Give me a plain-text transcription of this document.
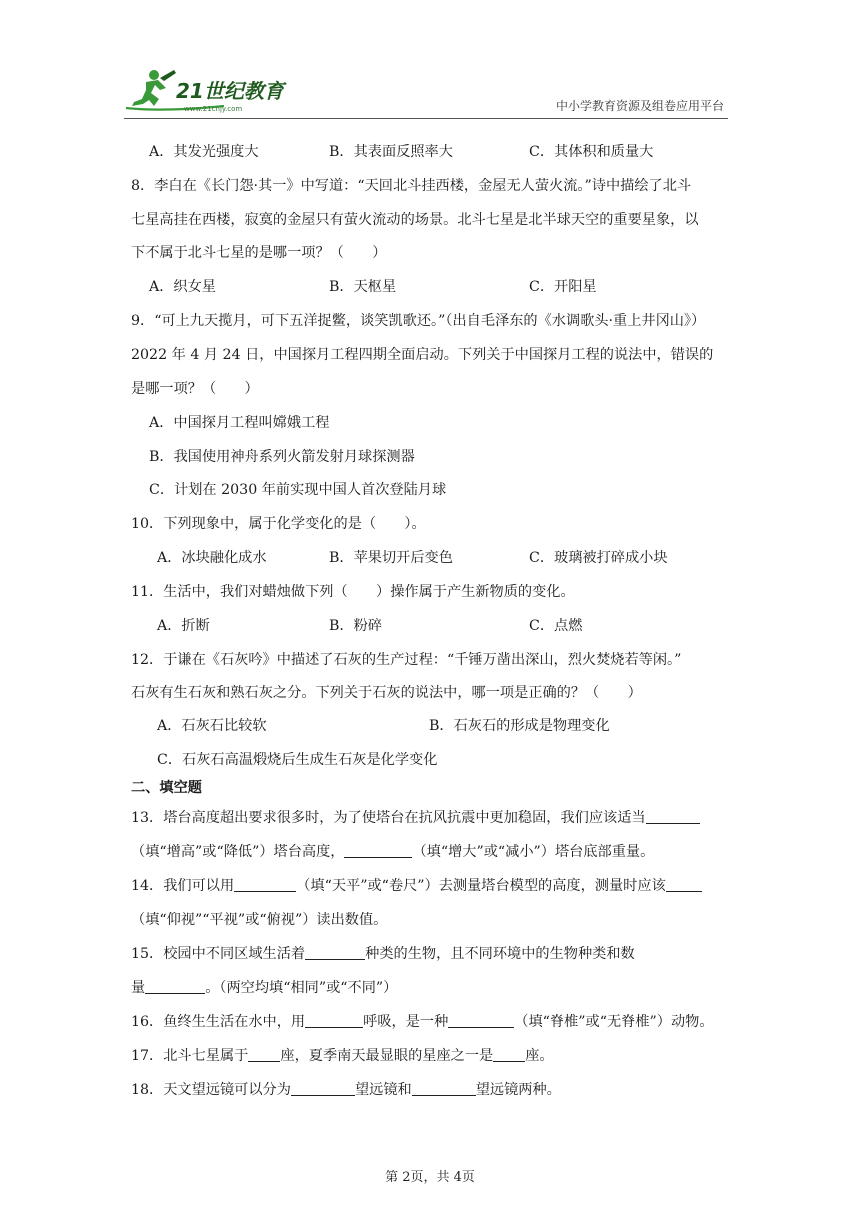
21世纪教育
www.21cnjy.com	中小学教育资源及组卷应用平台
A．其发光强度大	B．其表面反照率大	C．其体积和质量大
8．李白在《长门怨·其一》中写道：“天回北斗挂西楼，金屋无人萤火流。”诗中描绘了北斗
七星高挂在西楼，寂寞的金屋只有萤火流动的场景。北斗七星是北半球天空的重要星象，以
下不属于北斗七星的是哪一项？（　　）
A．织女星	B．天枢星	C．开阳星
9．“可上九天揽月，可下五洋捉鳖，谈笑凯歌还。”（出自毛泽东的《水调歌头·重上井冈山》）
2022 年 4 月 24 日，中国探月工程四期全面启动。下列关于中国探月工程的说法中，错误的
是哪一项？（　　）
A．中国探月工程叫嫦娥工程
B．我国使用神舟系列火箭发射月球探测器
C．计划在 2030 年前实现中国人首次登陆月球
10．下列现象中，属于化学变化的是（　　）。
A．冰块融化成水	B．苹果切开后变色	C．玻璃被打碎成小块
11．生活中，我们对蜡烛做下列（　　）操作属于产生新物质的变化。
A．折断	B．粉碎	C．点燃
12．于谦在《石灰吟》中描述了石灰的生产过程：“千锤万凿出深山，烈火焚烧若等闲。”
石灰有生石灰和熟石灰之分。下列关于石灰的说法中，哪一项是正确的？（　　）
A．石灰石比较软	B．石灰石的形成是物理变化
C．石灰石高温煅烧后生成生石灰是化学变化
二、填空题
13．塔台高度超出要求很多时，为了使塔台在抗风抗震中更加稳固，我们应该适当
（填“增高”或“降低”）塔台高度，	（填“增大”或“减小”）塔台底部重量。
14．我们可以用	（填“天平”或“卷尺”）去测量塔台模型的高度，测量时应该
（填“仰视”“平视”或“俯视”）读出数值。
15．校园中不同区域生活着	种类的生物，且不同环境中的生物种类和数
量	。（两空均填“相同”或“不同”）
16．鱼终生生活在水中，用	呼吸，是一种	（填“脊椎”或“无脊椎”）动物。
17．北斗七星属于 座，夏季南天最显眼的星座之一是 座。
18．天文望远镜可以分为	望远镜和	望远镜两种。
第 2页，共 4页
